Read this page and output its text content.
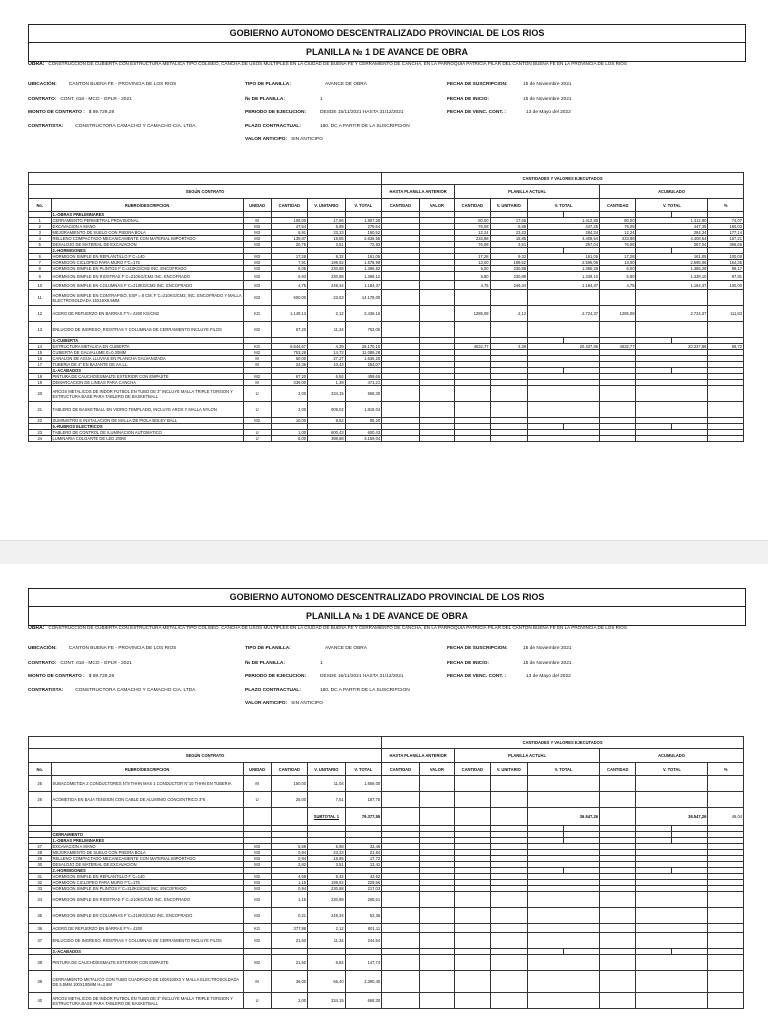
GOBIERNO AUTONOMO DESCENTRALIZADO PROVINCIAL DE LOS RIOS
PLANILLA № 1 DE AVANCE DE OBRA
OBRA: CONSTRUCCION DE CUBIERTA CON ESTRUCTURA METALICA TIPO COLISEO, CANCHA DE USOS MULTIPLES EN LA CIUDAD DE BUENA FE Y CERRAMIENTO DE CANCHA, EN LA PARROQUIA PATRICIA PILAR DEL CANTON BUENA FE EN LA PROVINCIA DE LOS RIOS
UBICACIÓN:	CANTON BUENA FE - PROVINCIA DE LOS RIOS
CONTRATO: CONT. 018 - MCO - GPLR - 2021
MONTO DE CONTRATO : $ 89.729,28
CONTRATISTA:	CONSTRUCTORA CAMACHO Y CAMACHO CIA. LTDA.
TIPO DE PLANILLA:	AVANCE DE OBRA
№ DE PLANILLA:	1
PERIODO DE EJECUCION:	DESDE 15/11/2021 HASTA 31/12/2021
PLAZO CONTRACTUAL:	180. DC A PARTIR DE LA SUSCRIPCION
VALOR ANTICIPO: SIN ANTICIPO
FECHA DE SUSCRIPCION:	15 de Noviembre 2021
FECHA DE INICIO:	15 de Noviembre 2021
FECHA DE VENC. CONT. :	13 de Mayo del 2022
						CANTIDADES Y VALORES EJECUTADOS									
SEGÚN CONTRATO						HASTA PLANILLA ANTERIOR		PLANILLA ACTUAL				ACUMULADO			
No.	RUBRO/DESCRIPCION	UNIDAD	CANTIDAD	V. UNITARIO	V. TOTAL	CANTIDAD	VALOR	CANTIDAD	V. UNITARIO	V. TOTAL		CANTIDAD	V. TOTAL		%
	1.-OBRAS PRELIMINARES														
1	CERRAMIENTO PERIMETRAL PROVISIONAL	M	108,00	17,66	1.907,28			80,00	17,66	1.412,80		80,00	1.412,80		74,07
2	EXCAVACION A MANO	M3	47,54	5,88	279,54			76,08	5,88	447,35		76,08	447,35		160,03
3	MEJORAMIENTO DE SUELO CON PIEDRA BOLA	M3	6,91	23,23	160,52			12,24	23,23	284,34		12,24	284,34		177,14
4	RELLENO COMPACTADO MECANICAMENTE CON MATERIAL IMPORTADO	M3	139,87	18,85	2.636,55			233,88	18,85	4.408,64		233,88	4.408,64		167,21
5	DESALOJO DE MATERIAL DE EXCAVACION	M3	20,75	3,51	72,83			76,08	3,51	267,04		76,08	267,04		366,66
	2.-HORMIGONES														
6	HORMIGON SIMPLE EN REPLANTILLO F´C=140	M3	17,28	9,32	161,05			17,28	9,32	161,05		17,28	161,05		100,00
7	HORMIGON CICLOPEO PARA MURO F'C=175	M3	7,91	199,62	1.578,99			13,00	199,62	2.595,06		13,00	2.595,06		164,35
8	HORMIGON SIMPLE EN PLINTOS F´C=210KG/CM2 INC. ENCOFRADO	M3	6,05	230,88	1.396,82			6,00	230,88	1.385,28		6,00	1.385,28		99,17
9	HORMIGON SIMPLE EN RIOSTRAS F´C=210KG/CM2 INC. ENCOFRADO	M3	5,93	230,88	1.369,12			5,80	230,88	1.339,10		5,80	1.339,10		97,81
10	HORMIGON SIMPLE EN COLUMNAS F´C=210KG/CM2 INC. ENCOFRADO	M3	4,75	249,34	1.184,37			4,75	249,34	1.184,37		4,75	1.184,37		100,00
11	HORMIGON SIMPLE EN CONTRAPISO, ESP = 8 CM; F´C=210KG/CM2; INC. ENCOFRADO Y MALLA ELECTROSOLDADA 15X15X6.5MM	M3	600,00	23,63	14.178,00										
12	ACERO DE REFUERZO EN BARRAS F'Y= 4200 KG/CM2	KG	1.149,13	2,12	2.436,16			1285,08	2,12	2.724,37		1285,08	2.724,37		111,83
13	ENLUCIDO DE INGRESO, RIOSTRAS Y COLUMNAS DE CERRAMIENTO INCLUYE FILOS	M2	67,20	11,34	762,05										
	3.-CUBIERTA														
14	ESTRUCTURA METALICA EN CUBIERTA	KG	6.644,67	4,39	29.170,10			4632,77	4,39	20.337,86		4632,77	20.337,86		69,72
15	CUBIERTA DE GALVALUME E=0.30MM	M2	753,28	14,72	11.088,28										
16	CANALON DE AGUA LLUVIAS EN PLANCHA GALVANIZADA	M	60,00	27,27	1.636,20										
17	TUBERIA DE 4" EN BAJANTE DE AA.LL.	M	24,36	10,43	254,07										
	4.-ACABADOS														
18	PINTURA DE CAUCHO/ESMALTE EXTERIOR CON EMPASTE	M2	67,20	6,84	459,65										
19	DEMARCACION DE LINEAS PARA CANCHA	M	339,00	1,39	471,21										
20	ARCOS METALICOS DE INDOR FUTBOL EN TUBO DE 3" INCLUYE MALLA TRIPLE TORSION Y ESTRUCTURA BASE PARA TABLERO DE BASKETBALL	U	2,00	334,15	668,30										
21	TABLERO DE BASKETBALL EN VIDRIO TEMPLADO, INCLUYE AROS Y MALLA NYLON	U	2,00	909,02	1.818,04										
22	SUMINISTRO E INSTALACION DE MALLA DE PIOLA BOLEY BALL	M2	10,00	8,52	85,20										
	5.-RUBROS ELECTRICOS														
23	TABLERO DE CONTROL DE ILUMINACION AUTOMATICO	U	1,00	600,43	600,43										
24	LUMINARIA COLGANTE DE LED 200W	U	8,00	398,88	3.159,04										
GOBIERNO AUTONOMO DESCENTRALIZADO PROVINCIAL DE LOS RIOS
PLANILLA № 1 DE AVANCE DE OBRA
OBRA: CONSTRUCCION DE CUBIERTA CON ESTRUCTURA METALICA TIPO COLISEO, CANCHA DE USOS MULTIPLES EN LA CIUDAD DE BUENA FE Y CERRAMIENTO DE CANCHA, EN LA PARROQUIA PATRICIA PILAR DEL CANTON BUENA FE EN LA PROVINCIA DE LOS RIOS
UBICACIÓN:	CANTON BUENA FE - PROVINCIA DE LOS RIOS
CONTRATO: CONT. 018 - MCO - GPLR - 2021
MONTO DE CONTRATO : $ 89.729,28
CONTRATISTA:	CONSTRUCTORA CAMACHO Y CAMACHO CIA. LTDA.
TIPO DE PLANILLA:	AVANCE DE OBRA
№ DE PLANILLA:	1
PERIODO DE EJECUCION:	DESDE 15/11/2021 HASTA 31/12/2021
PLAZO CONTRACTUAL:	180. DC A PARTIR DE LA SUSCRIPCION
VALOR ANTICIPO: SIN ANTICIPO
FECHA DE SUSCRIPCION:	15 de Noviembre 2021
FECHA DE INICIO:	15 de Noviembre 2021
FECHA DE VENC. CONT. :	13 de Mayo del 2022
						CANTIDADES Y VALORES EJECUTADOS									
SEGÚN CONTRATO						HASTA PLANILLA ANTERIOR		PLANILLA ACTUAL				ACUMULADO			
No.	RUBRO/DESCRIPCION	UNIDAD	CANTIDAD	V. UNITARIO	V. TOTAL	CANTIDAD	VALOR	CANTIDAD	V. UNITARIO	V. TOTAL		CANTIDAD	V. TOTAL		%
25	SUBACOMETIDA 2 CONDUCTORES N°8 THHN MAS 1 CONDUCTOR N°10 THHN EN TUBERIA	M	150,00	11,04	1.656,00										
26	ACOMETIDA EN BAJA TENSION CON CABLE DE ALUMINIO CONCENTRICO 3*6	U	25,00	7,51	187,75										
				SUBTOTAL 1	79.377,55					36.547,26			36.547,26		46,04

	CERRAMIENTO														
	1.-OBRAS PRELIMINARES														
27	EXCAVACION A MANO	M3	5,69	5,88	33,46										
28	MEJORAMIENTO DE SUELO CON PIEDRA BOLA	M3	0,94	23,23	21,84										
29	RELLENO COMPACTADO MECANICAMENTE CON MATERIAL IMPORTADO	M3	0,94	18,85	17,72										
30	DESALOJO DE MATERIAL DE EXCAVACION	M3	3,82	3,51	13,41										
	2.-HORMIGONES														
31	HORMIGON SIMPLE EN REPLANTILLO F´C=140	M2	4,68	9,32	43,62										
32	HORMIGON CICLOPEO PARA MURO F'C=175	M3	1,15	199,62	229,56										
33	HORMIGON SIMPLE EN PLINTOS F´C=210KG/CM2 INC. ENCOFRADO	M3	0,94	230,88	217,03										
34	HORMIGON SIMPLE EN RIOSTRAS F´C=210KG/CM2 INC. ENCOFRADO	M3	1,15	230,88	265,51										
35	HORMIGON SIMPLE EN COLUMNAS F´C=210KG/CM2 INC. ENCOFRADO	M3	0,21	249,34	52,36										
36	ACERO DE REFUERZO EN BARRAS F'Y= 4200	KG	377,88	2,12	801,11										
37	ENLUCIDO DE INGRESO, RIOSTRAS Y COLUMNAS DE CERRAMIENTO INCLUYE FILOS	M2	21,60	11,34	244,94										
	3.-ACABADOS														
38	PINTURA DE CAUCHO/ESMALTE EXTERIOR CON EMPASTE	M2	21,60	6,84	147,74										
39	CERRAMIENTO METALICO CON TUBO CUADRADO DE 100X100X3 Y MALLA ELECTROSOLDADA DE 5.5MM 100X100MM H=2.6M	M	36,00	66,40	2.390,40										
40	ARCOS METALICOS DE INDOR FUTBOL EN TUBO DE 3" INCLUYE MALLA TRIPLE TORSION Y ESTRUCTURA BASE PARA TABLERO DE BASKETBALL	U	2,00	334,15	668,30										
